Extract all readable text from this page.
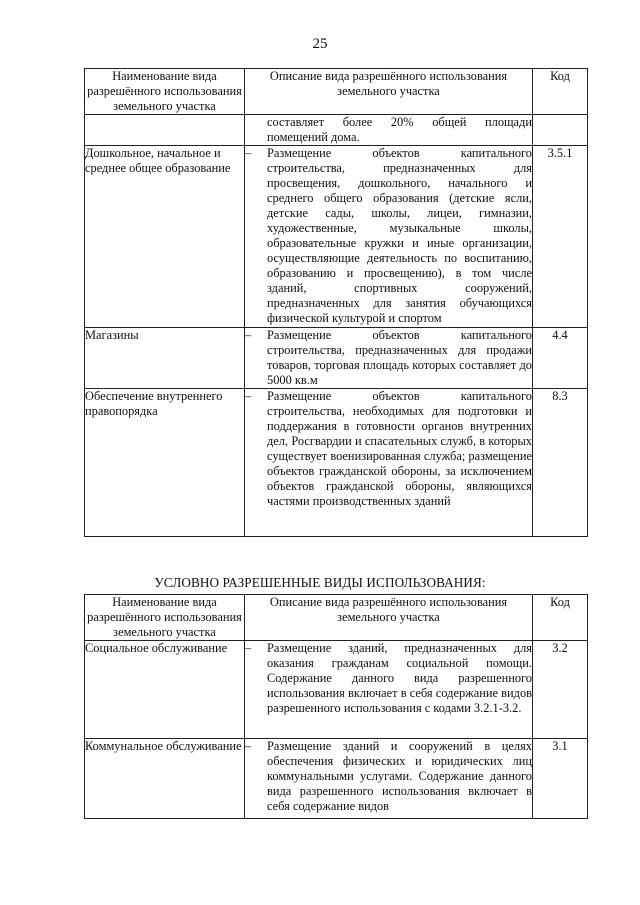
25
Наименование вида разрешённого использования земельного участка	Описание вида разрешённого использования земельного участка	Код

	составляет более 20% общей площади помещений дома.	

Дошкольное, начальное и среднее общее образование	– Размещение объектов капитального строительства, предназначенных для просвещения, дошкольного, начального и среднего общего образования (детские ясли, детские сады, школы, лицеи, гимназии, художественные, музыкальные школы, образовательные кружки и иные организации, осуществляющие деятельность по воспитанию, образованию и просвещению), в том числе зданий, спортивных сооружений, предназначенных для занятия обучающихся физической культурой и спортом	3.5.1
Магазины	– Размещение объектов капитального строительства, предназначенных для продажи товаров, торговая площадь которых составляет до 5000 кв.м	4.4
Обеспечение внутреннего правопорядка	– Размещение объектов капитального строительства, необходимых для подготовки и поддержания в готовности органов внутренних дел, Росгвардии и спасательных служб, в которых существует военизированная служба; размещение объектов гражданской обороны, за исключением объектов гражданской обороны, являющихся частями производственных зданий	8.3
УСЛОВНО РАЗРЕШЕННЫЕ ВИДЫ ИСПОЛЬЗОВАНИЯ:
Наименование вида разрешённого использования земельного участка	Описание вида разрешённого использования земельного участка	Код
Социальное обслуживание	– Размещение зданий, предназначенных для оказания гражданам социальной помощи. Содержание данного вида разрешенного использования включает в себя содержание видов разрешенного использования с кодами 3.2.1-3.2.	3.2
Коммунальное обслуживание	– Размещение зданий и сооружений в целях обеспечения физических и юридических лиц коммунальными услугами. Содержание данного вида разрешенного использования включает в себя содержание видов	3.1
